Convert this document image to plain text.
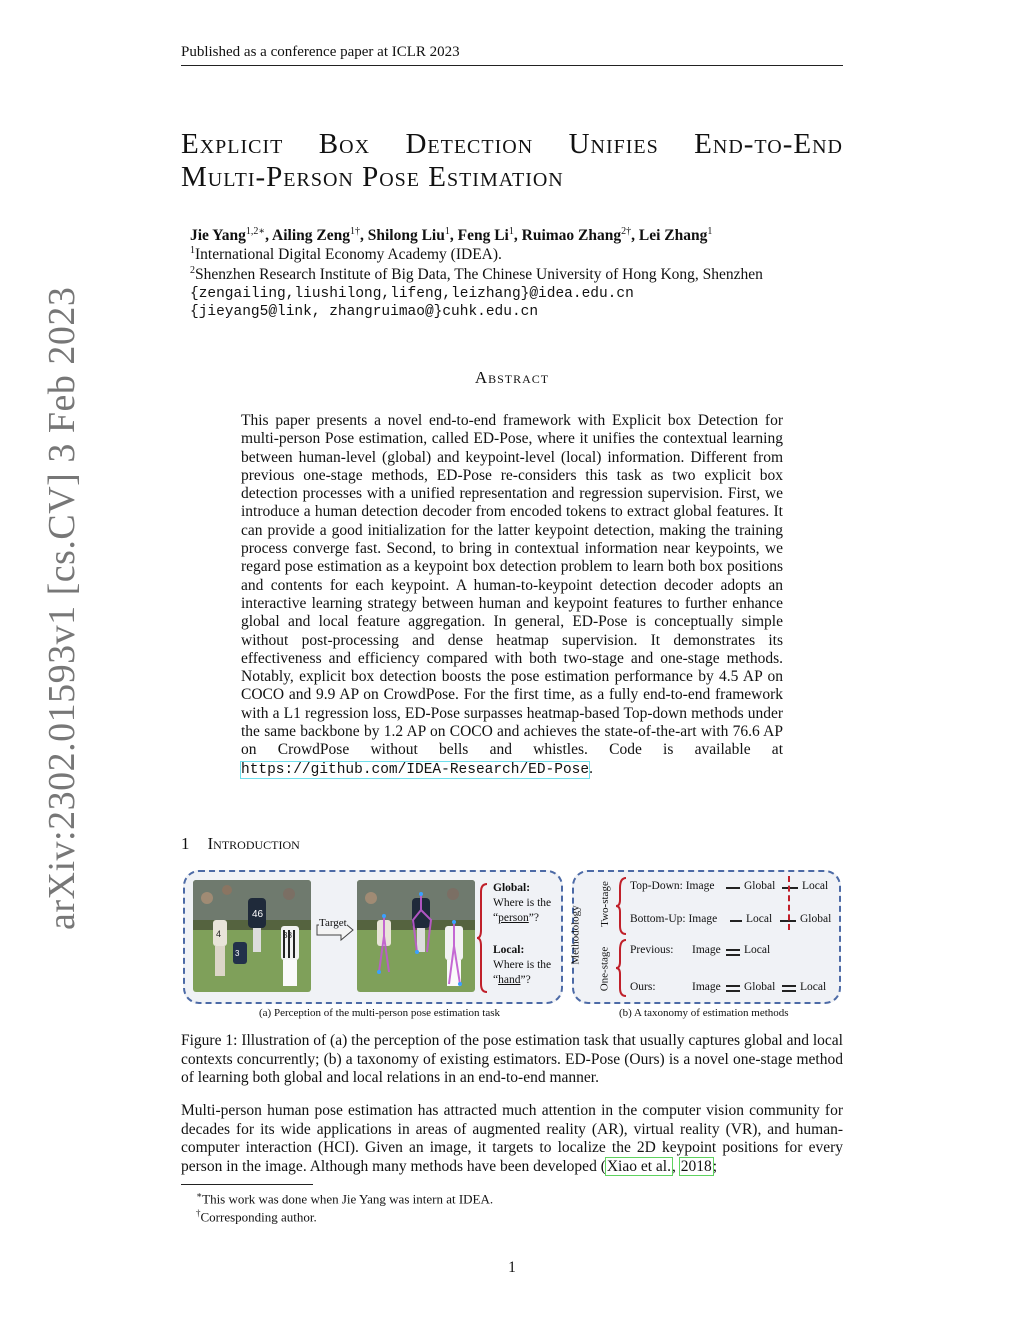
Published as a conference paper at ICLR 2023
arXiv:2302.01593v1 [cs.CV] 3 Feb 2023
Explicit Box Detection Unifies End-to-End
Multi-Person Pose Estimation
Jie Yang$^{1,2∗}$, Ailing Zeng$^{1\dagger}$, Shilong Liu$^1$, Feng Li$^1$, Ruimao Zhang$^{2\dagger}$, Lei Zhang$^1$
$^1$International Digital Economy Academy (IDEA).
$^2$Shenzhen Research Institute of Big Data, The Chinese University of Hong Kong, Shenzhen
{zengailing,liushilong,lifeng,leizhang}@idea.edu.cn
{jieyang5@link, zhangruimao@}cuhk.edu.cn
Abstract
This paper presents a novel end-to-end framework with Explicit box Detection for multi-person Pose estimation, called ED-Pose, where it unifies the contextual learning between human-level (global) and keypoint-level (local) information. Different from previous one-stage methods, ED-Pose re-considers this task as two explicit box detection processes with a unified representation and regression supervision. First, we introduce a human detection decoder from encoded tokens to extract global features. It can provide a good initialization for the latter keypoint detection, making the training process converge fast. Second, to bring in contextual information near keypoints, we regard pose estimation as a keypoint box detection problem to learn both box positions and contents for each keypoint. A human-to-keypoint detection decoder adopts an interactive learning strategy between human and keypoint features to further enhance global and local feature aggregation. In general, ED-Pose is conceptually simple without post-processing and dense heatmap supervision. It demonstrates its effectiveness and efficiency compared with both two-stage and one-stage methods. Notably, explicit box detection boosts the pose estimation performance by 4.5 AP on COCO and 9.9 AP on CrowdPose. For the first time, as a fully end-to-end framework with a L1 regression loss, ED-Pose surpasses heatmap-based Top-down methods under the same backbone by 1.2 AP on COCO and achieves the state-of-the-art with 76.6 AP on CrowdPose without bells and whistles. Code is available at https://github.com/IDEA-Research/ED-Pose.
1 Introduction
46
4	38
3
Target
Global:
Where is the
“person”?
Local:
Where is the
“hand”?
(a) Perception of the multi-person pose estimation task
Methodology
Two-stage
One-stage
Top-Down: Image	Global Local
Bottom-Up: Image	Local Global
Previous: Image Local
Ours:	Image Global Local
(b) A taxonomy of estimation methods
Figure 1: Illustration of (a) the perception of the pose estimation task that usually captures global and local contexts concurrently; (b) a taxonomy of existing estimators. ED-Pose (Ours) is a novel one-stage method of learning both global and local relations in an end-to-end manner.
Multi-person human pose estimation has attracted much attention in the computer vision community for decades for its wide applications in areas of augmented reality (AR), virtual reality (VR), and human-computer interaction (HCI). Given an image, it targets to localize the 2D keypoint positions for every person in the image. Although many methods have been developed (Xiao et al., 2018;
∗This work was done when Jie Yang was intern at IDEA.
†Corresponding author.
1
